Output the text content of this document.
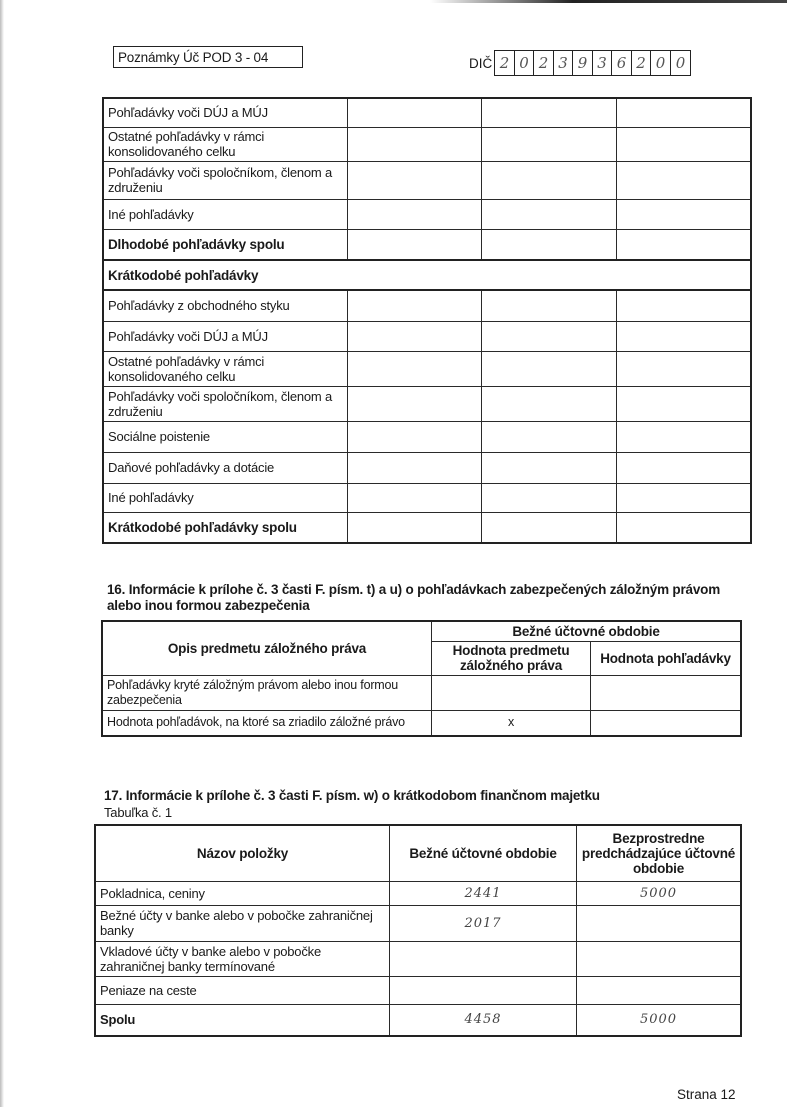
Poznámky Úč POD 3 - 04	DIČ 2 0 2 3 9 3 6 2 0 0
Pohľadávky voči DÚJ a MÚJ			
Ostatné pohľadávky v rámci konsolidovaného celku			
Pohľadávky voči spoločníkom, členom a združeniu			
Iné pohľadávky			
Dlhodobé pohľadávky spolu			
Krátkodobé pohľadávky			
Pohľadávky z obchodného styku			
Pohľadávky voči DÚJ a MÚJ			
Ostatné pohľadávky v rámci konsolidovaného celku			
Pohľadávky voči spoločníkom, členom a združeniu			
Sociálne poistenie			
Daňové pohľadávky a dotácie			
Iné pohľadávky			
Krátkodobé pohľadávky spolu			
16. Informácie k prílohe č. 3 časti F. písm. t) a u) o pohľadávkach zabezpečených záložným právom alebo inou formou zabezpečenia
Opis predmetu záložného práva	Bežné účtovné obdobie	
	Hodnota predmetu záložného práva	Hodnota pohľadávky
Pohľadávky kryté záložným právom alebo inou formou zabezpečenia		
Hodnota pohľadávok, na ktoré sa zriadilo záložné právo	x	
17. Informácie k prílohe č. 3 časti F. písm. w) o krátkodobom finančnom majetku
Tabuľka č. 1
Názov položky	Bežné účtovné obdobie	Bezprostredne predchádzajúce účtovné obdobie
Pokladnica, ceniny	2441	5000
Bežné účty v banke alebo v pobočke zahraničnej banky	2017	
Vkladové účty v banke alebo v pobočke zahraničnej banky termínované		
Peniaze na ceste		
Spolu	4458	5000
Strana 12
